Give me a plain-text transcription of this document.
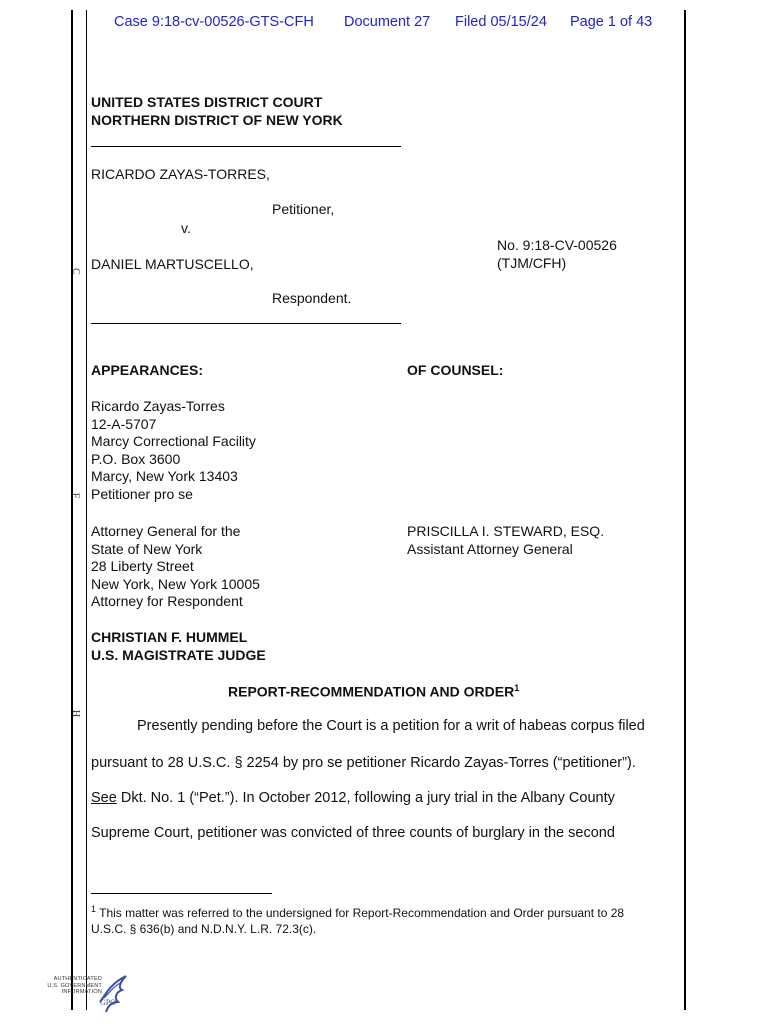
C
F
H
Case 9:18-cv-00526-GTS-CFH Document 27 Filed 05/15/24 Page 1 of 43
UNITED STATES DISTRICT COURT
NORTHERN DISTRICT OF NEW YORK
RICARDO ZAYAS-TORRES,
Petitioner,
v.
No. 9:18-CV-00526
(TJM/CFH)
DANIEL MARTUSCELLO,
Respondent.
APPEARANCES:	OF COUNSEL:
Ricardo Zayas-Torres
12-A-5707
Marcy Correctional Facility
P.O. Box 3600
Marcy, New York 13403
Petitioner pro se
Attorney General for the
State of New York
28 Liberty Street
New York, New York 10005
Attorney for Respondent
PRISCILLA I. STEWARD, ESQ.
Assistant Attorney General
CHRISTIAN F. HUMMEL
U.S. MAGISTRATE JUDGE
REPORT-RECOMMENDATION AND ORDER$^1$
Presently pending before the Court is a petition for a writ of habeas corpus filed
pursuant to 28 U.S.C. § 2254 by pro se petitioner Ricardo Zayas-Torres (“petitioner”).
See Dkt. No. 1 (“Pet.”). In October 2012, following a jury trial in the Albany County
Supreme Court, petitioner was convicted of three counts of burglary in the second
$^1$ This matter was referred to the undersigned for Report-Recommendation and Order pursuant to 28
U.S.C. § 636(b) and N.D.N.Y. L.R. 72.3(c).
AUTHENTICATED
U.S. GOVERNMENT
INFORMATION
GPO
